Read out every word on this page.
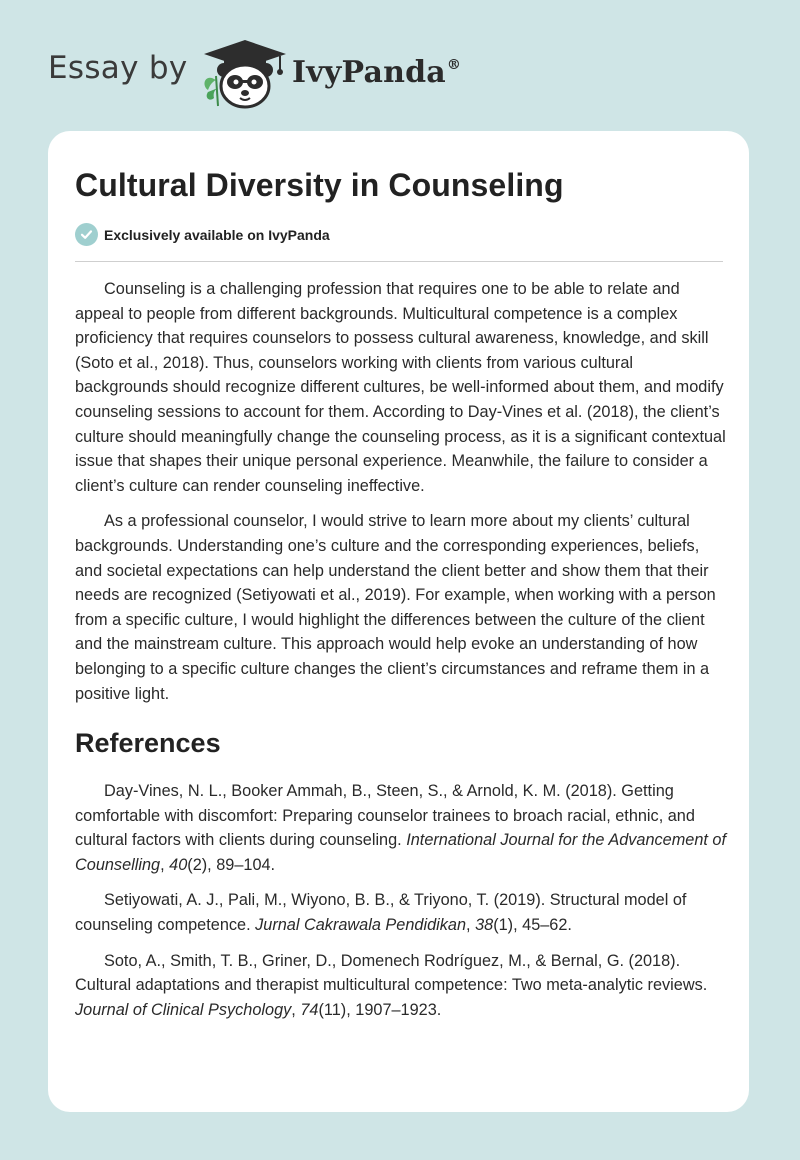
Essay by	IvyPanda®
Cultural Diversity in Counseling
Exclusively available on IvyPanda

Counseling is a challenging profession that requires one to be able to relate and appeal to people from different backgrounds. Multicultural competence is a complex proficiency that requires counselors to possess cultural awareness, knowledge, and skill (Soto et al., 2018). Thus, counselors working with clients from various cultural backgrounds should recognize different cultures, be well-informed about them, and modify counseling sessions to account for them. According to Day-Vines et al. (2018), the client’s culture should meaningfully change the counseling process, as it is a significant contextual issue that shapes their unique personal experience. Meanwhile, the failure to consider a client’s culture can render counseling ineffective.

As a professional counselor, I would strive to learn more about my clients’ cultural backgrounds. Understanding one’s culture and the corresponding experiences, beliefs, and societal expectations can help understand the client better and show them that their needs are recognized (Setiyowati et al., 2019). For example, when working with a person from a specific culture, I would highlight the differences between the culture of the client and the mainstream culture. This approach would help evoke an understanding of how belonging to a specific culture changes the client’s circumstances and reframe them in a positive light.

References

Day-Vines, N. L., Booker Ammah, B., Steen, S., & Arnold, K. M. (2018). Getting comfortable with discomfort: Preparing counselor trainees to broach racial, ethnic, and cultural factors with clients during counseling. International Journal for the Advancement of Counselling, 40(2), 89–104.

Setiyowati, A. J., Pali, M., Wiyono, B. B., & Triyono, T. (2019). Structural model of counseling competence. Jurnal Cakrawala Pendidikan, 38(1), 45–62.

Soto, A., Smith, T. B., Griner, D., Domenech Rodríguez, M., & Bernal, G. (2018). Cultural adaptations and therapist multicultural competence: Two meta-analytic reviews. Journal of Clinical Psychology, 74(11), 1907–1923.
